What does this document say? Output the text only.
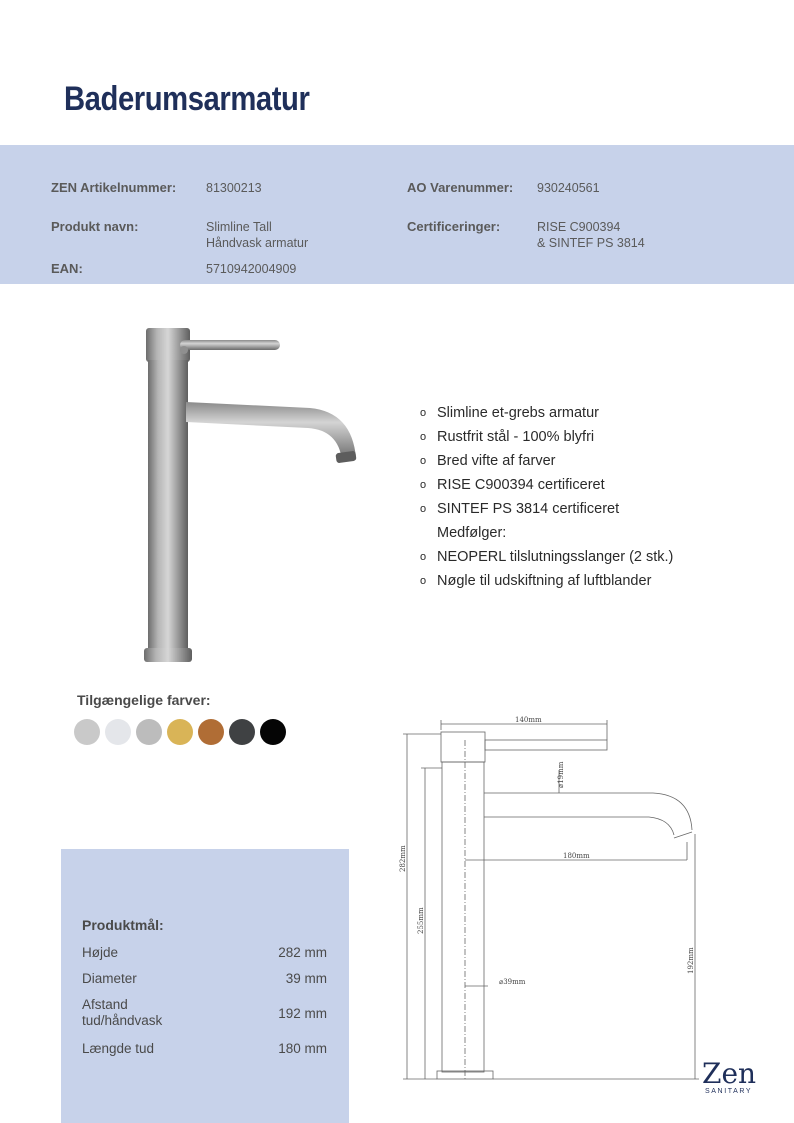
Baderumsarmatur
ZEN Artikelnummer: 81300213	AO Varenummer: 930240561
Produkt navn:	Slimline Tall
Håndvask armatur
Certificeringer:	RISE C900394
& SINTEF PS 3814
EAN:	5710942004909
o Slimline et-grebs armatur
o Rustfrit stål - 100% blyfri
o Bred vifte af farver
o RISE C900394 certificeret
o SINTEF PS 3814 certificeret
Medfølger:
o NEOPERL tilslutningsslanger (2 stk.)
o Nøgle til udskiftning af luftblander
Tilgængelige farver:
Produktmål:
Højde	282 mm
Diameter	39 mm
Afstand tud/håndvask	192 mm
Længde tud	180 mm
140mm
⌀19mm
180mm
282mm
255mm
⌀39mm
192mm
Zen
SANITARY
